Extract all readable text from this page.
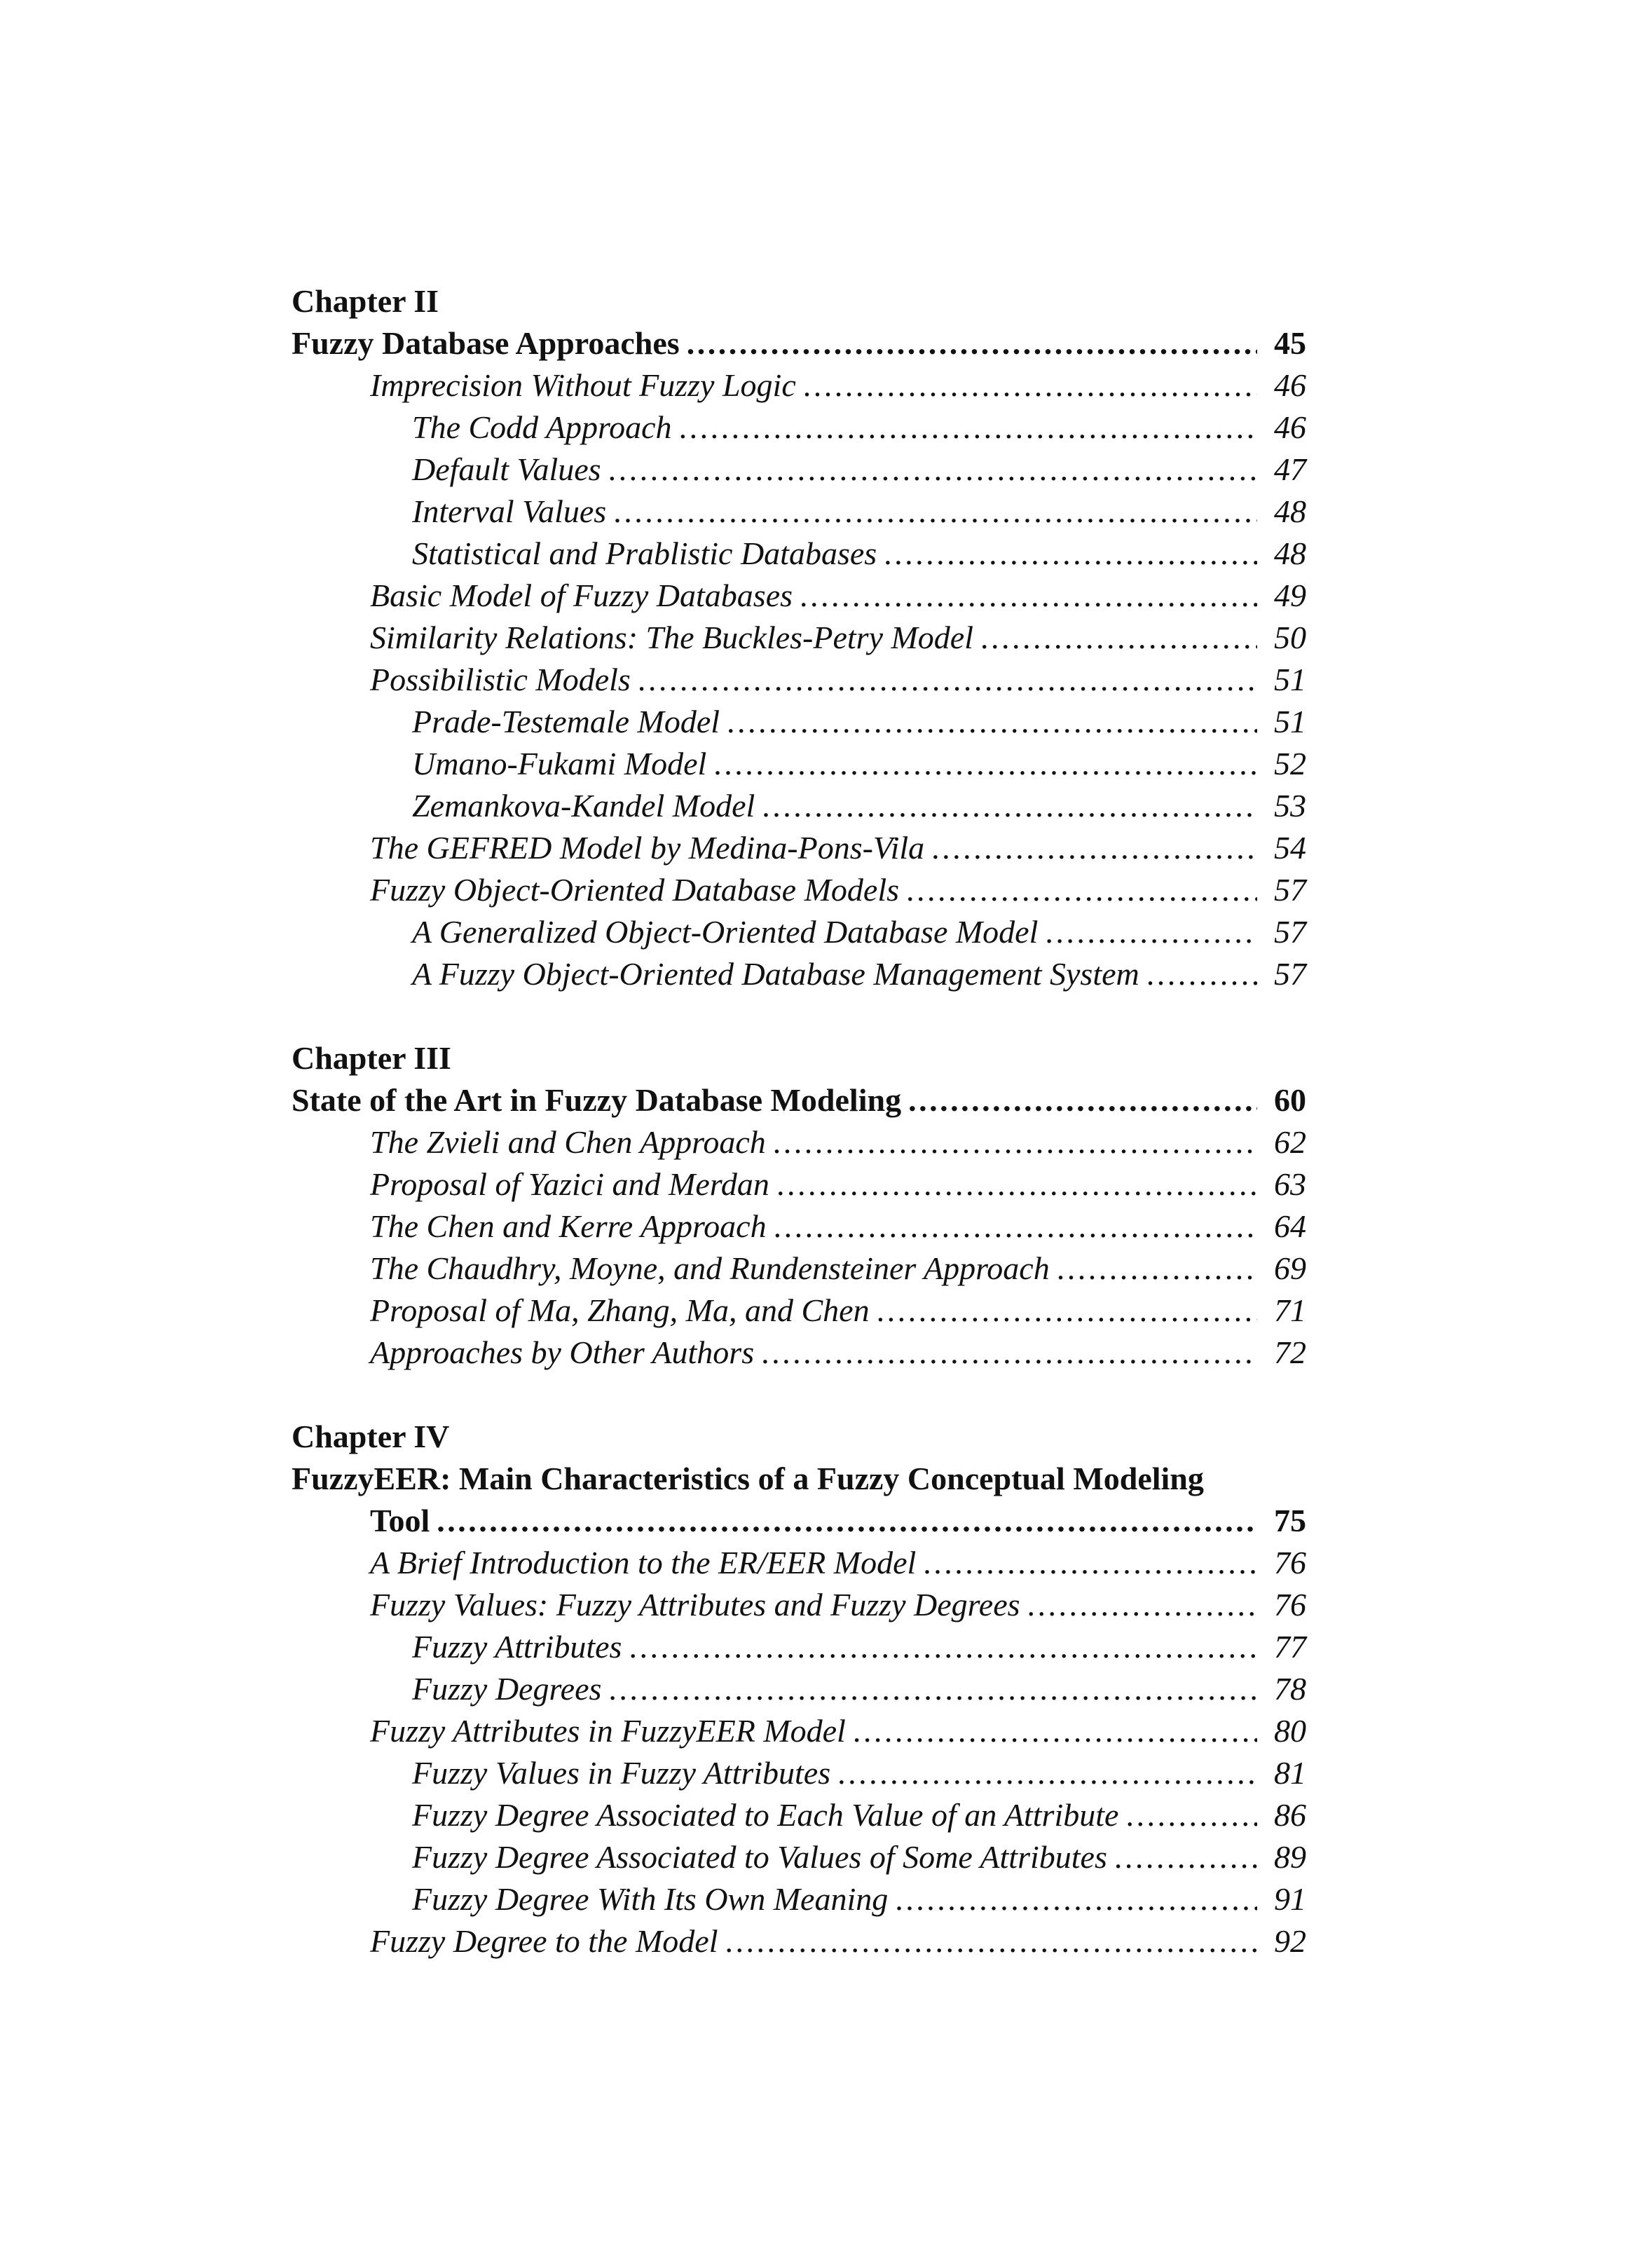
Chapter II
Fuzzy Database Approaches . . .	45
Imprecision Without Fuzzy Logic . . .	46
The Codd Approach . . .	46
Default Values . . .	47
Interval Values . . .	48
Statistical and Prablistic Databases . . .	48
Basic Model of Fuzzy Databases . . .	49
Similarity Relations: The Buckles-Petry Model . . .	50
Possibilistic Models . . .	51
Prade-Testemale Model . . .	51
Umano-Fukami Model . . .	52
Zemankova-Kandel Model . . .	53
The GEFRED Model by Medina-Pons-Vila . . .	54
Fuzzy Object-Oriented Database Models . . .	57
A Generalized Object-Oriented Database Model . . .	57
A Fuzzy Object-Oriented Database Management System . . .	57
Chapter III
State of the Art in Fuzzy Database Modeling . . .	60
The Zvieli and Chen Approach . . .	62
Proposal of Yazici and Merdan . . .	63
The Chen and Kerre Approach . . .	64
The Chaudhry, Moyne, and Rundensteiner Approach . . .	69
Proposal of Ma, Zhang, Ma, and Chen . . .	71
Approaches by Other Authors . . .	72
Chapter IV
FuzzyEER: Main Characteristics of a Fuzzy Conceptual Modeling
Tool . . .	75
A Brief Introduction to the ER/EER Model . . .	76
Fuzzy Values: Fuzzy Attributes and Fuzzy Degrees . . .	76
Fuzzy Attributes . . .	77
Fuzzy Degrees . . .	78
Fuzzy Attributes in FuzzyEER Model . . .	80
Fuzzy Values in Fuzzy Attributes . . .	81
Fuzzy Degree Associated to Each Value of an Attribute . . .	86
Fuzzy Degree Associated to Values of Some Attributes . . .	89
Fuzzy Degree With Its Own Meaning . . .	91
Fuzzy Degree to the Model . . .	92
